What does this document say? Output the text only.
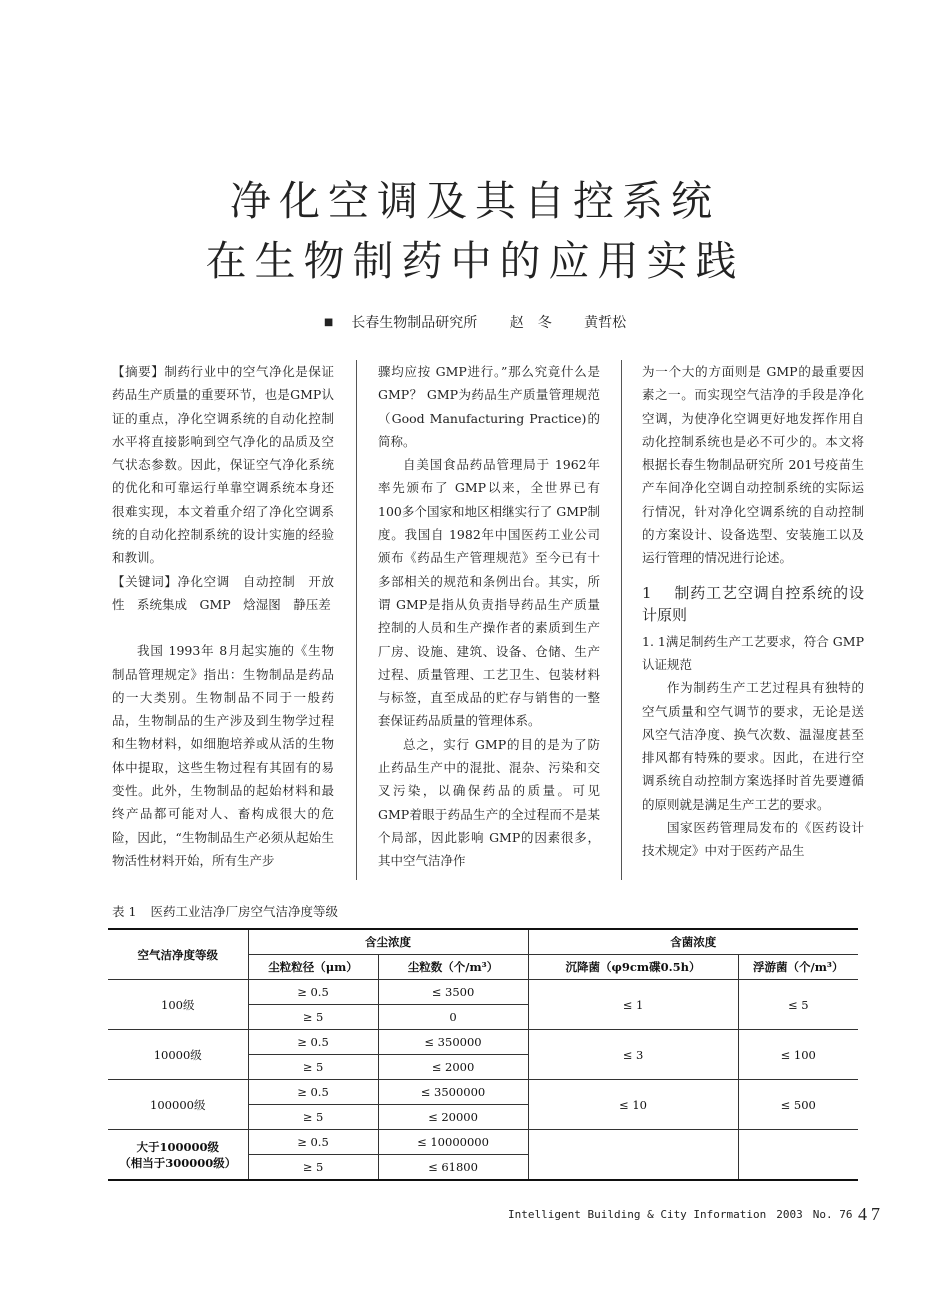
净化空调及其自控系统
在生物制药中的应用实践
■ 长春生物制品研究所 赵　冬 黄哲松

【摘要】制药行业中的空气净化是保证药品生产质量的重要环节，也是GMP认证的重点，净化空调系统的自动化控制水平将直接影响到空气净化的品质及空气状态参数。因此，保证空气净化系统的优化和可靠运行单靠空调系统本身还很难实现，本文着重介绍了净化空调系统的自动化控制系统的设计实施的经验和教训。

【关键词】净化空调　自动控制　开放性　系统集成　GMP　焓湿图　静压差

我国 1993年 8月起实施的《生物制品管理规定》指出：生物制品是药品的一大类别。生物制品不同于一般药品，生物制品的生产涉及到生物学过程和生物材料，如细胞培养或从活的生物体中提取，这些生物过程有其固有的易变性。此外，生物制品的起始材料和最终产品都可能对人、畜构成很大的危险，因此，“生物制品生产必须从起始生物活性材料开始，所有生产步

骤均应按 GMP进行。”那么究竟什么是 GMP？ GMP为药品生产质量管理规范（Good Manufacturing Practice)的简称。

自美国食品药品管理局于 1962年率先颁布了 GMP以来，全世界已有 100多个国家和地区相继实行了 GMP制度。我国自 1982年中国医药工业公司颁布《药品生产管理规范》至今已有十多部相关的规范和条例出台。其实，所谓 GMP是指从负责指导药品生产质量控制的人员和生产操作者的素质到生产厂房、设施、建筑、设备、仓储、生产过程、质量管理、工艺卫生、包装材料与标签，直至成品的贮存与销售的一整套保证药品质量的管理体系。

总之，实行 GMP的目的是为了防止药品生产中的混批、混杂、污染和交叉污染，以确保药品的质量。可见 GMP着眼于药品生产的全过程而不是某个局部，因此影响 GMP的因素很多，其中空气洁净作

为一个大的方面则是 GMP的最重要因素之一。而实现空气洁净的手段是净化空调，为使净化空调更好地发挥作用自动化控制系统也是必不可少的。本文将根据长春生物制品研究所 201号疫苗生产车间净化空调自动控制系统的实际运行情况，针对净化空调系统的自动控制的方案设计、设备选型、安装施工以及运行管理的情况进行论述。

1 制药工艺空调自控系统的设计原则

1. 1满足制药生产工艺要求，符合 GMP认证规范

作为制药生产工艺过程具有独特的空气质量和空气调节的要求，无论是送风空气洁净度、换气次数、温湿度甚至排风都有特殊的要求。因此，在进行空调系统自动控制方案选择时首先要遵循的原则就是满足生产工艺的要求。

国家医药管理局发布的《医药设计技术规定》中对于医药产品生

表 1 医药工业洁净厂房空气洁净度等级
空气洁净度等级	含尘浓度		含菌浓度	
	尘粒粒径（μm）	尘粒数（个/m³）	沉降菌（φ9cm碟0.5h）	浮游菌（个/m³）
100级	≥ 0.5	≤ 3500	≤ 1	≤ 5
	≥ 5	0		
10000级	≥ 0.5	≤ 350000	≤ 3	≤ 100
	≥ 5	≤ 2000		
100000级	≥ 0.5	≤ 3500000	≤ 10	≤ 500
	≥ 5	≤ 20000		

大于100000级
（相当于300000级）	≥ 0.5	≤ 10000000		
	≥ 5	≤ 61800		
Intelligent Building & City Information 2003 No. 76 47
